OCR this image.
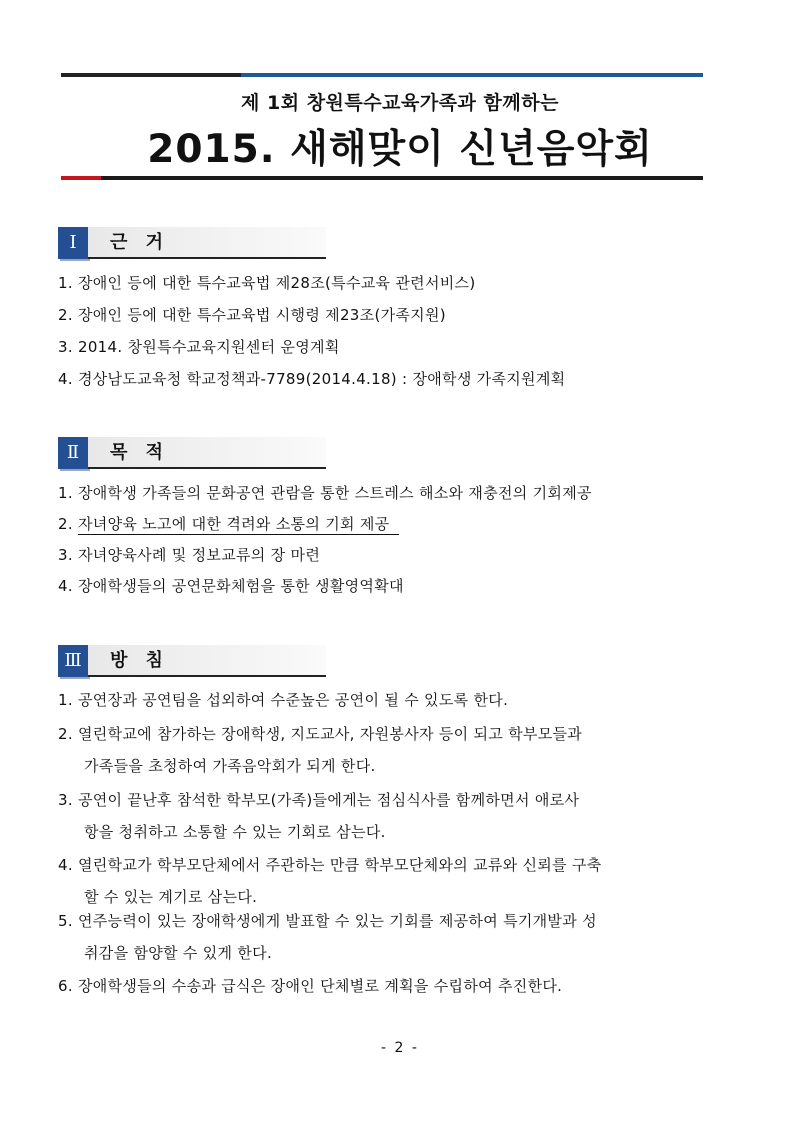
제 1회 창원특수교육가족과 함께하는
2015. 새해맞이 신년음악회
Ⅰ	근 거
1. 장애인 등에 대한 특수교육법 제28조(특수교육 관련서비스)
2. 장애인 등에 대한 특수교육법 시행령 제23조(가족지원)
3. 2014. 창원특수교육지원센터 운영계획
4. 경상남도교육청 학교정책과-7789(2014.4.18) : 장애학생 가족지원계획
Ⅱ	목 적
1. 장애학생 가족들의 문화공연 관람을 통한 스트레스 해소와 재충전의 기회제공
2. 자녀양육 노고에 대한 격려와 소통의 기회 제공
3. 자녀양육사례 및 정보교류의 장 마련
4. 장애학생들의 공연문화체험을 통한 생활영역확대
Ⅲ	방 침
1. 공연장과 공연팀을 섭외하여 수준높은 공연이 될 수 있도록 한다.
2. 열린학교에 참가하는 장애학생, 지도교사, 자원봉사자 등이 되고 학부모들과
가족들을 초청하여 가족음악회가 되게 한다.
3. 공연이 끝난후 참석한 학부모(가족)들에게는 점심식사를 함께하면서 애로사
항을 청취하고 소통할 수 있는 기회로 삼는다.
4. 열린학교가 학부모단체에서 주관하는 만큼 학부모단체와의 교류와 신뢰를 구축
할 수 있는 계기로 삼는다.
5. 연주능력이 있는 장애학생에게 발표할 수 있는 기회를 제공하여 특기개발과 성
취감을 함양할 수 있게 한다.
6. 장애학생들의 수송과 급식은 장애인 단체별로 계획을 수립하여 추진한다.
- 2 -
